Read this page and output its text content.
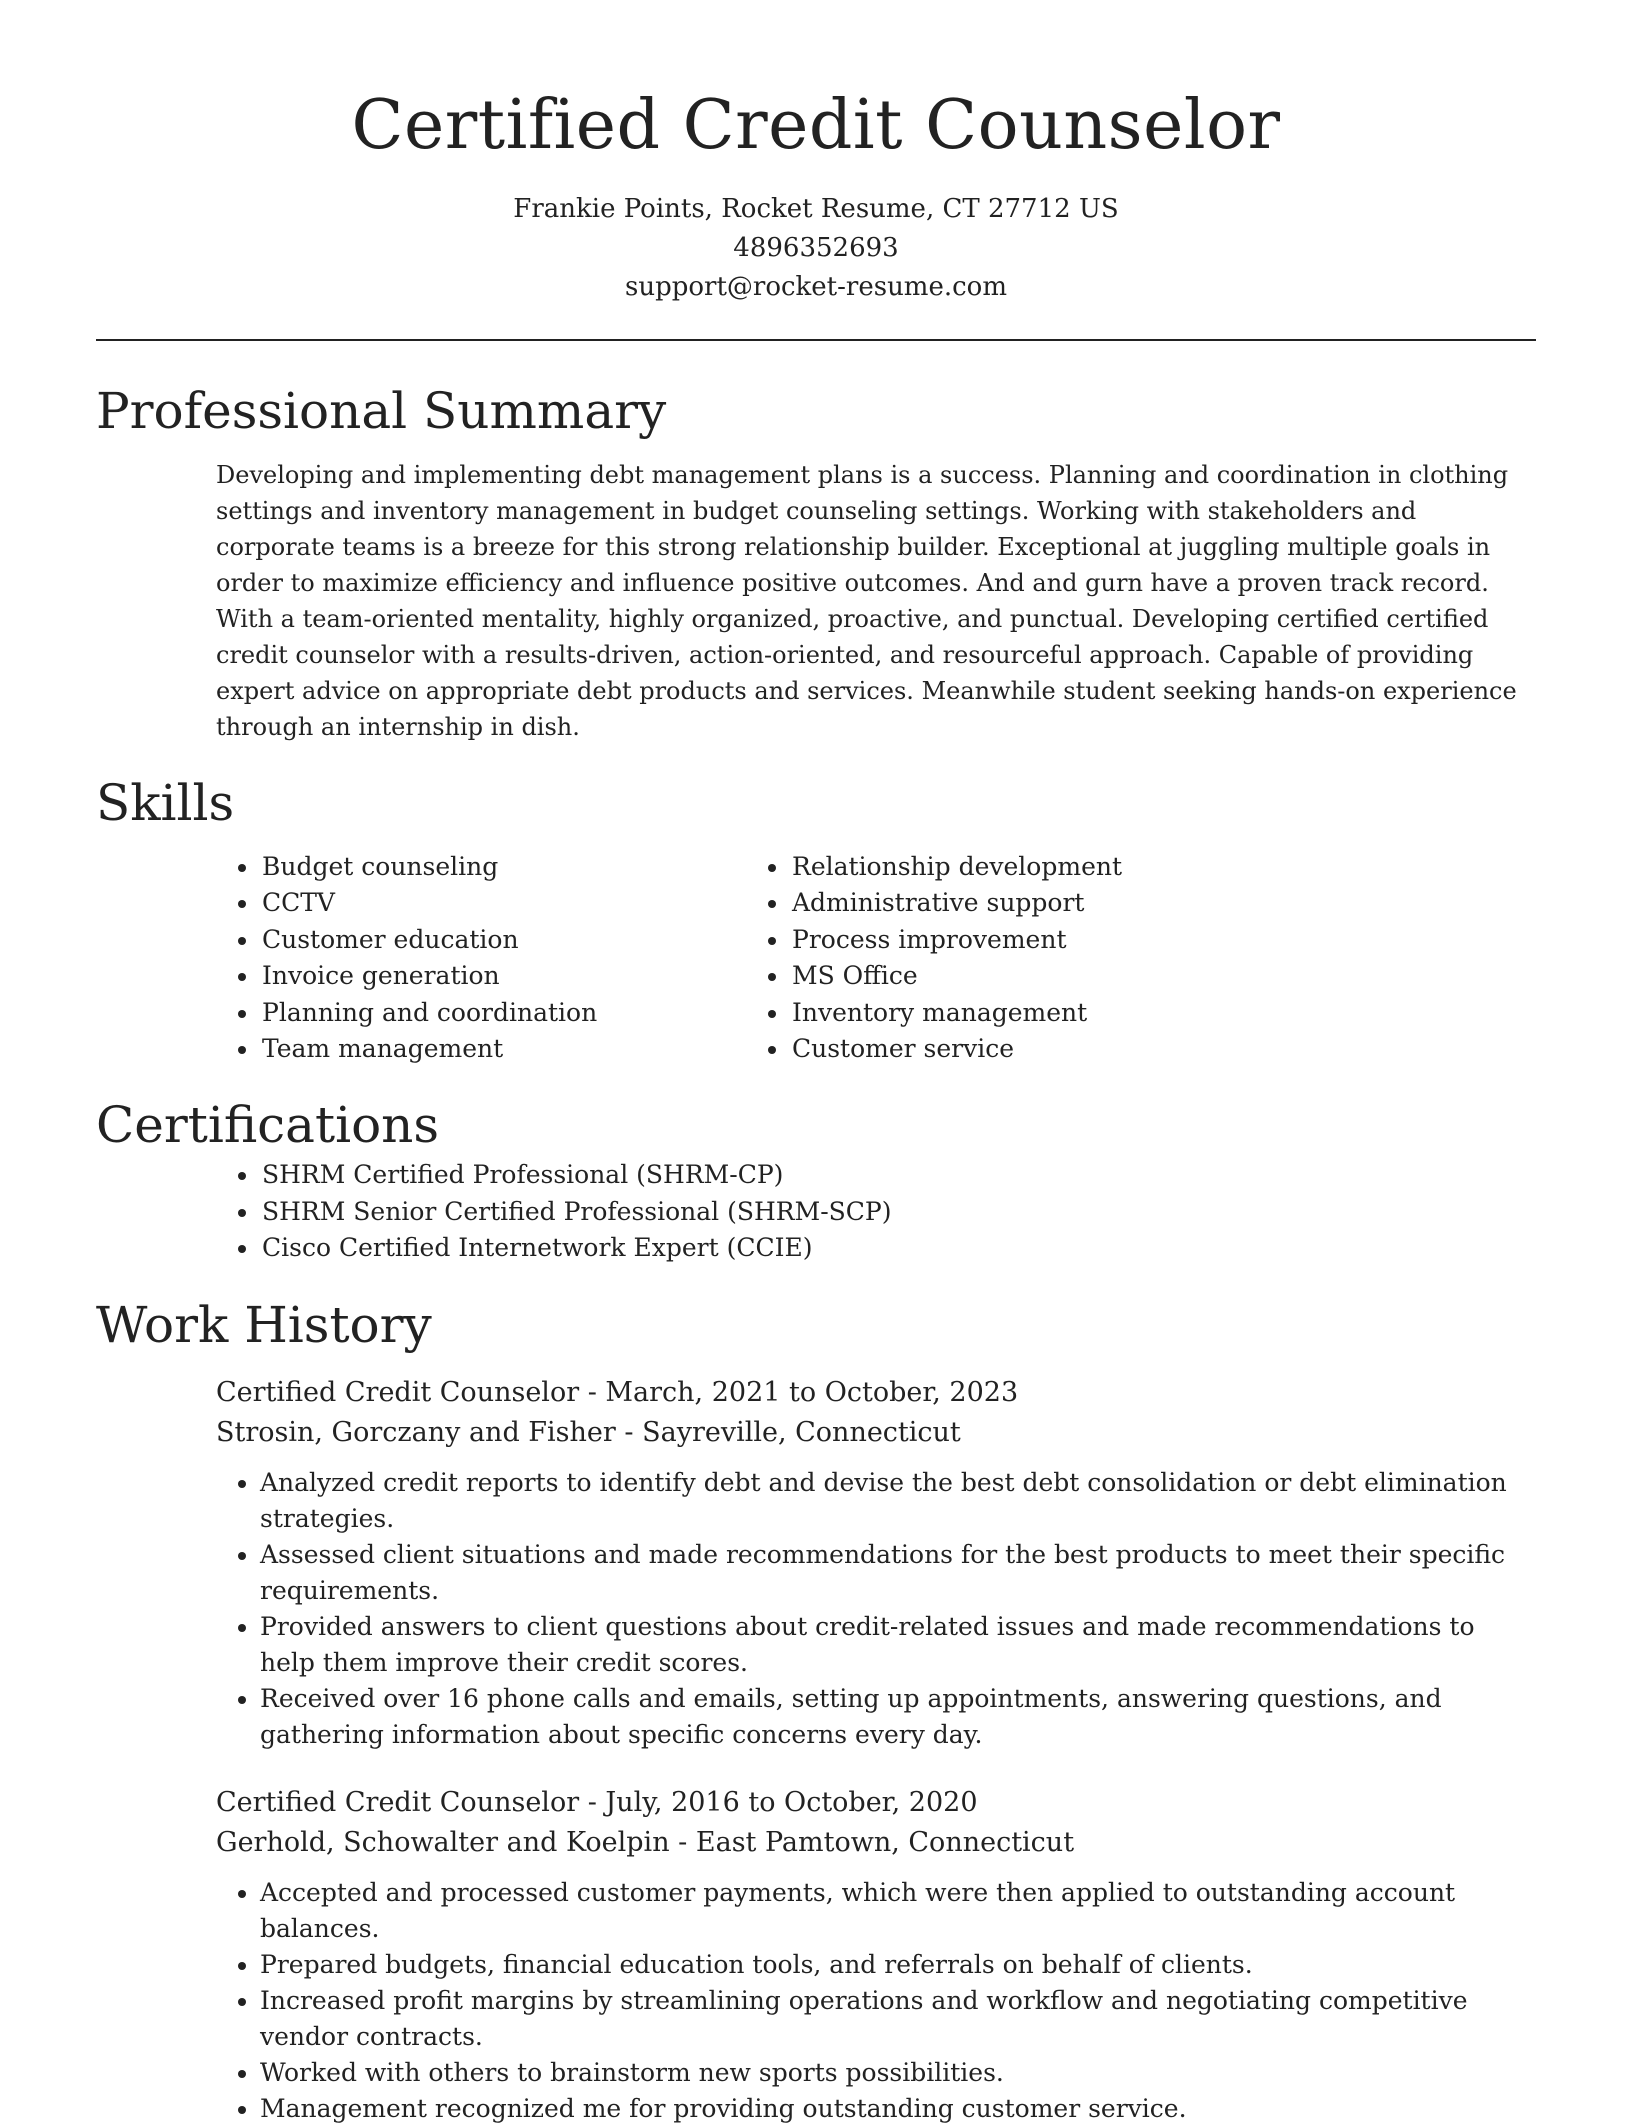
Certified Credit Counselor
Frankie Points, Rocket Resume, CT 27712 US
4896352693
support@rocket-resume.com
Professional Summary

Developing and implementing debt management plans is a success. Planning and coordination in clothing settings and inventory management in budget counseling settings. Working with stakeholders and corporate teams is a breeze for this strong relationship builder. Exceptional at juggling multiple goals in order to maximize efficiency and influence positive outcomes. And and gurn have a proven track record. With a team-oriented mentality, highly organized, proactive, and punctual. Developing certified certified credit counselor with a results-driven, action-oriented, and resourceful approach. Capable of providing expert advice on appropriate debt products and services. Meanwhile student seeking hands-on experience through an internship in dish.

Skills
• Budget counseling
• CCTV
• Customer education
• Invoice generation
• Planning and coordination
• Team management
• Relationship development
• Administrative support
• Process improvement
• MS Office
• Inventory management
• Customer service
Certifications
• SHRM Certified Professional (SHRM-CP)
• SHRM Senior Certified Professional (SHRM-SCP)
• Cisco Certified Internetwork Expert (CCIE)
Work History
Certified Credit Counselor - March, 2021 to October, 2023
Strosin, Gorczany and Fisher - Sayreville, Connecticut
• Analyzed credit reports to identify debt and devise the best debt consolidation or debt elimination strategies.
• Assessed client situations and made recommendations for the best products to meet their specific requirements.
• Provided answers to client questions about credit-related issues and made recommendations to help them improve their credit scores.
• Received over 16 phone calls and emails, setting up appointments, answering questions, and gathering information about specific concerns every day.
Certified Credit Counselor - July, 2016 to October, 2020
Gerhold, Schowalter and Koelpin - East Pamtown, Connecticut
• Accepted and processed customer payments, which were then applied to outstanding account balances.
• Prepared budgets, financial education tools, and referrals on behalf of clients.
• Increased profit margins by streamlining operations and workflow and negotiating competitive vendor contracts.
• Worked with others to brainstorm new sports possibilities.
• Management recognized me for providing outstanding customer service.
